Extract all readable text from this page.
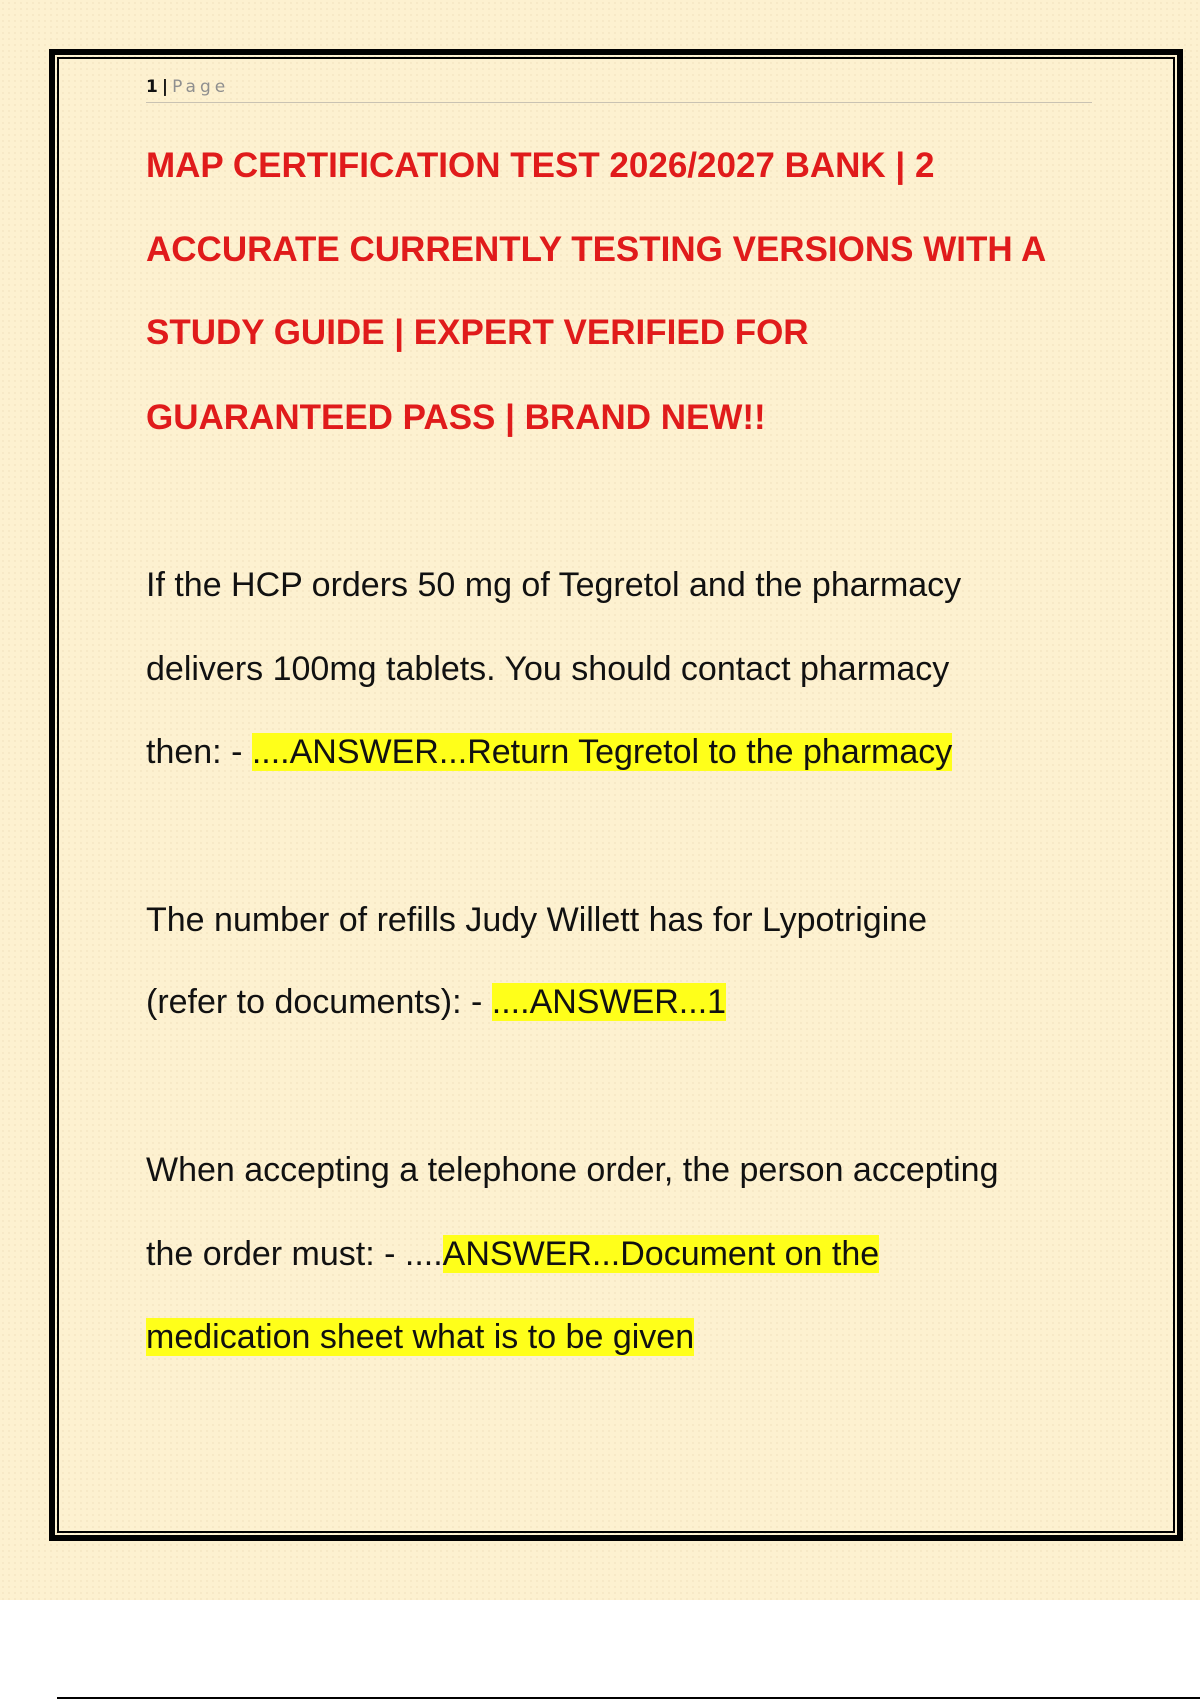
1 | Page

MAP CERTIFICATION TEST 2026/2027 BANK | 2

ACCURATE CURRENTLY TESTING VERSIONS WITH A

STUDY GUIDE | EXPERT VERIFIED FOR

GUARANTEED PASS | BRAND NEW!!

If the HCP orders 50 mg of Tegretol and the pharmacy

delivers 100mg tablets. You should contact pharmacy

then: - ....ANSWER...Return Tegretol to the pharmacy

The number of refills Judy Willett has for Lypotrigine

(refer to documents): - ....ANSWER...1

When accepting a telephone order, the person accepting

the order must: - ....ANSWER...Document on the

medication sheet what is to be given
